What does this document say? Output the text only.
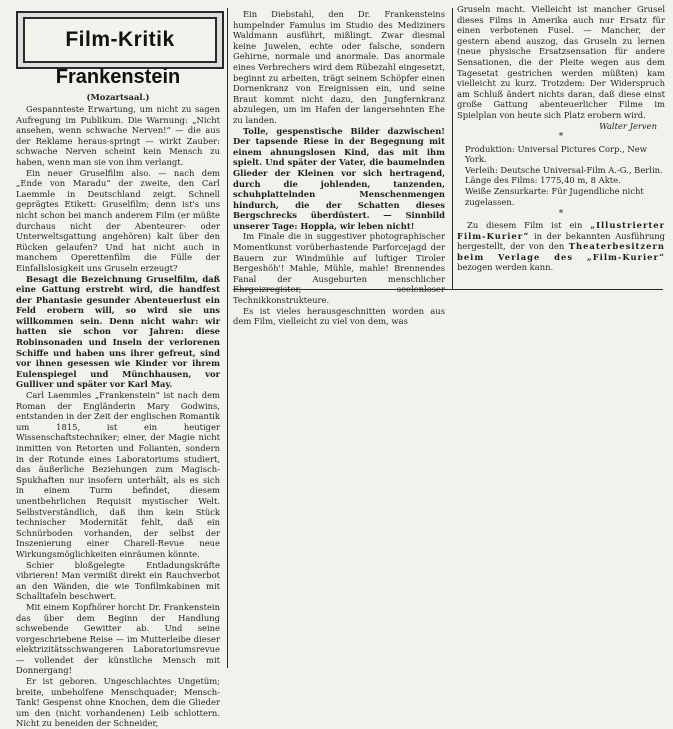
Film-Kritik
Frankenstein
(Mozartsaal.)

Gespannteste Erwartung, um nicht zu sagen Aufregung im Publikum. Die Warnung: „Nicht ansehen, wenn schwache Nerven!“ — die aus der Reklame heraus-springt — wirkt Zauber: schwache Nerven scheint kein Mensch zu haben, wenn man sie von ihm verlangt.

Ein neuer Gruselfilm also. — nach dem „Ende von Maradu“ der zweite, den Carl Laemmle in Deutschland zeigt. Schnell geprägtes Etikett: Gruselfilm; denn ist's uns nicht schon bei manch anderem Film (er müßte durchaus nicht der Abenteurer- oder Unterweltsgattung angehören) kalt über den Rücken gelaufen? Und hat nicht auch in manchem Operettenfilm die Fülle der Einfallslosigkeit uns Gruseln erzeugt?

Besagt die Bezeichnung Gruselfilm, daß eine Gattung erstrebt wird, die handfest der Phantasie gesunder Abenteuerlust ein Feld erobern will, so wird sie uns willkommen sein. Denn nicht wahr: wir hatten sie schon vor Jahren: diese Robinsonaden und Inseln der verlorenen Schiffe und haben uns ihrer gefreut, sind vor ihnen gesessen wie Kinder vor ihrem Eulenspiegel und Münchhausen, vor Gulliver und später vor Karl May.

Carl Laemmles „Frankenstein“ ist nach dem Roman der Engländerin Mary Godwins, entstanden in der Zeit der englischen Romantik um 1815, ist ein heutiger Wissenschaftstechniker; einer, der Magie nicht inmitten von Retorten und Folianten, sondern in der Rotunde eines Laboratoriums studiert, das äußerliche Beziehungen zum Magisch-Spukhaften nur insofern unterhält, als es sich in einem Turm befindet, diesem unentbehrlichen Requisit mystischer Welt. Selbstverständlich, daß ihm kein Stück technischer Modernität fehlt, daß ein Schnürboden vorhanden, der selbst der Inszenierung einer Charell-Revue neue Wirkungsmöglichkeiten einräumen könnte.

Schier bloßgelegte Entladungskräfte vibrieren! Man vermißt direkt ein Rauchverbot an den Wänden, die wie Tonfilmkabinen mit Schalltafeln beschwert.

Mit einem Kopfhörer horcht Dr. Frankenstein das über dem Beginn der Handlung schwebende Gewitter ab. Und seine vorgeschriebene Reise — im Mutterleibe dieser elektrizitätsschwangeren Laboratoriumsrevue — vollendet der künstliche Mensch mit Donnergang!

Er ist geboren. Ungeschlachtes Ungetüm; breite, unbeholfene Menschquader; Mensch-Tank! Gespenst ohne Knochen, dem die Glieder um den (nicht vorhandenen) Leib schlottern. Nicht zu beneiden der Schneider,

Ein Diebstahl, den Dr. Frankensteins humpelnder Famulus im Studio des Mediziners Waldmann ausführt, mißlingt. Zwar diesmal keine Juwelen, echte oder falsche, sondern Gehirne, normale und anormale. Das anormale eines Verbrechers wird dem Rübezahl eingesetzt, beginnt zu arbeiten, trägt seinem Schöpfer einen Dornenkranz von Ereignissen ein, und seine Braut kommt nicht dazu, den Jungfernkranz abzulegen, um im Hafen der langersehnten Ehe zu landen.

Tolle, gespenstische Bilder dazwischen! Der tapsende Riese in der Begegnung mit einem ahnungslosen Kind, das mit ihm spielt. Und später der Vater, die baumelnden Glieder der Kleinen vor sich hertragend, durch die johlenden, tanzenden, schuhplattelnden Menschenmengen hindurch, die der Schatten dieses Bergschrecks überdüstert. — Sinnbild unserer Tage: Hoppla, wir leben nicht!

Im Finale die in suggestiver photographischer Momentkunst vorüberhastende Parforcejagd der Bauern zur Windmühle auf luftiger Tiroler Bergeshöh'! Mahle, Mühle, mahle! Brennendes Fanal der Ausgeburten menschlicher Ehrgeizregister, seelenloser Technikkonstrukteure.

Es ist vieles herausgeschnitten worden aus dem Film, vielleicht zu viel von dem, was

Gruseln macht. Vielleicht ist mancher Grusel dieses Films in Amerika auch nur Ersatz für einen verbotenen Fusel. — Mancher, der gestern abend auszog, das Gruseln zu lernen (neue physische Ersatzsensation für andere Sensationen, die der Pleite wegen aus dem Tagesetat gestrichen werden müßten) kam vielleicht zu kurz. Trotzdem: Der Widerspruch am Schluß ändert nichts daran, daß diese einst große Gattung abenteuerlicher Filme im Spielplan von heute sich Platz erobern wird.

Walter Jerven
*

Produktion: Universal Pictures Corp., New York.

Verleih: Deutsche Universal-Film A.-G., Berlin.

Länge des Films: 1775,40 m, 8 Akte.

Weiße Zensurkarte: Für Jugendliche nicht zugelassen.

*

Zu diesem Film ist ein „Illustrierter Film-Kurier“ in der bekannten Ausführung hergestellt, der von den Theaterbesitzern beim Verlage des „Film-Kurier“ bezogen werden kann.
